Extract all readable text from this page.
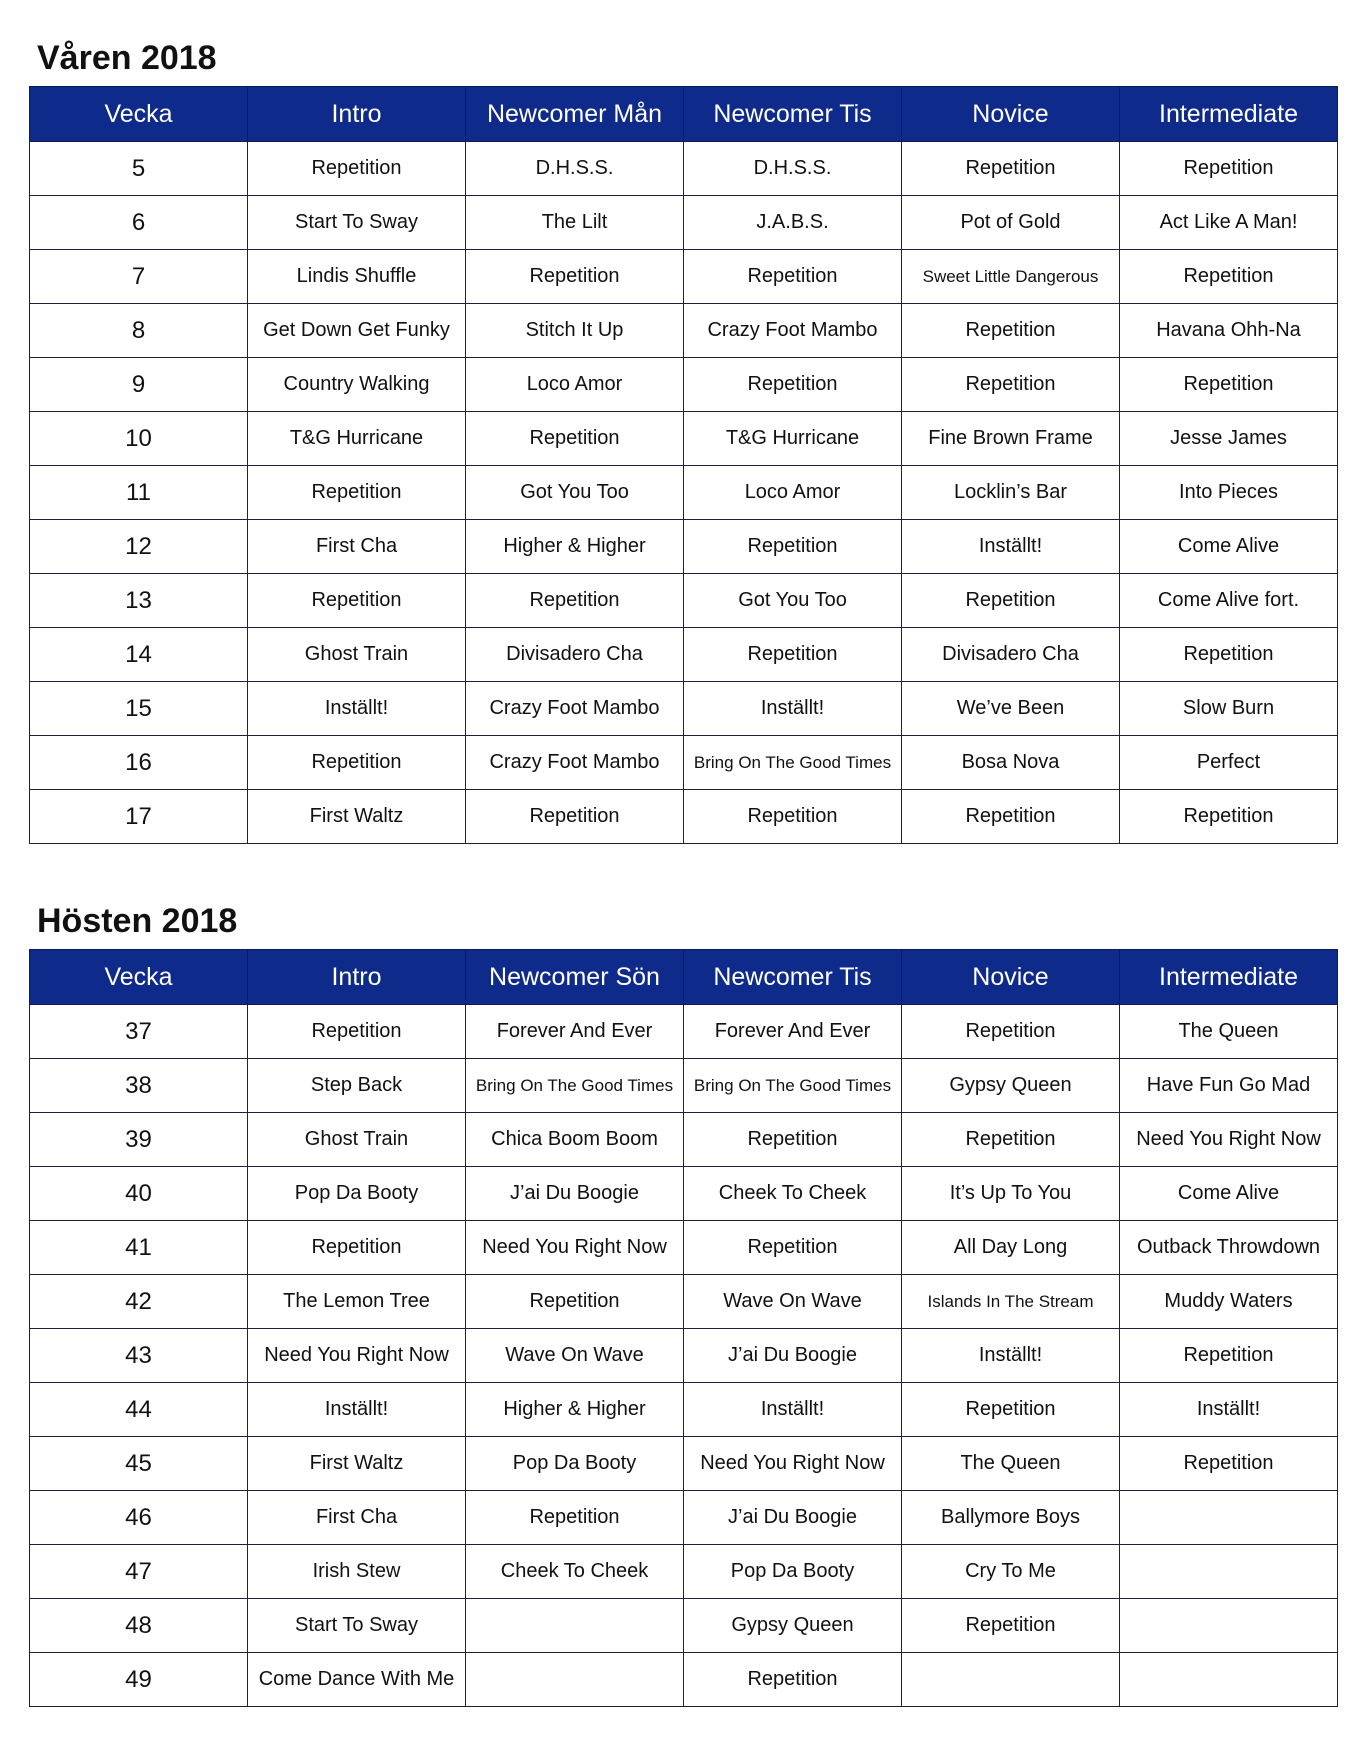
Våren 2018
Vecka	Intro	Newcomer Mån	Newcomer Tis	Novice	Intermediate
5	Repetition	D.H.S.S.	D.H.S.S.	Repetition	Repetition
6	Start To Sway	The Lilt	J.A.B.S.	Pot of Gold	Act Like A Man!
7	Lindis Shuffle	Repetition	Repetition	Sweet Little Dangerous	Repetition
8	Get Down Get Funky	Stitch It Up	Crazy Foot Mambo	Repetition	Havana Ohh-Na
9	Country Walking	Loco Amor	Repetition	Repetition	Repetition
10	T&G Hurricane	Repetition	T&G Hurricane	Fine Brown Frame	Jesse James
11	Repetition	Got You Too	Loco Amor	Locklin’s Bar	Into Pieces
12	First Cha	Higher & Higher	Repetition	Inställt!	Come Alive
13	Repetition	Repetition	Got You Too	Repetition	Come Alive fort.
14	Ghost Train	Divisadero Cha	Repetition	Divisadero Cha	Repetition
15	Inställt!	Crazy Foot Mambo	Inställt!	We’ve Been	Slow Burn
16	Repetition	Crazy Foot Mambo	Bring On The Good Times	Bosa Nova	Perfect
17	First Waltz	Repetition	Repetition	Repetition	Repetition
Hösten 2018
Vecka	Intro	Newcomer Sön	Newcomer Tis	Novice	Intermediate
37	Repetition	Forever And Ever	Forever And Ever	Repetition	The Queen
38	Step Back	Bring On The Good Times	Bring On The Good Times	Gypsy Queen	Have Fun Go Mad
39	Ghost Train	Chica Boom Boom	Repetition	Repetition	Need You Right Now
40	Pop Da Booty	J’ai Du Boogie	Cheek To Cheek	It’s Up To You	Come Alive
41	Repetition	Need You Right Now	Repetition	All Day Long	Outback Throwdown
42	The Lemon Tree	Repetition	Wave On Wave	Islands In The Stream	Muddy Waters
43	Need You Right Now	Wave On Wave	J’ai Du Boogie	Inställt!	Repetition
44	Inställt!	Higher & Higher	Inställt!	Repetition	Inställt!
45	First Waltz	Pop Da Booty	Need You Right Now	The Queen	Repetition
46	First Cha	Repetition	J’ai Du Boogie	Ballymore Boys	
47	Irish Stew	Cheek To Cheek	Pop Da Booty	Cry To Me	
48	Start To Sway		Gypsy Queen	Repetition	
49	Come Dance With Me		Repetition		
